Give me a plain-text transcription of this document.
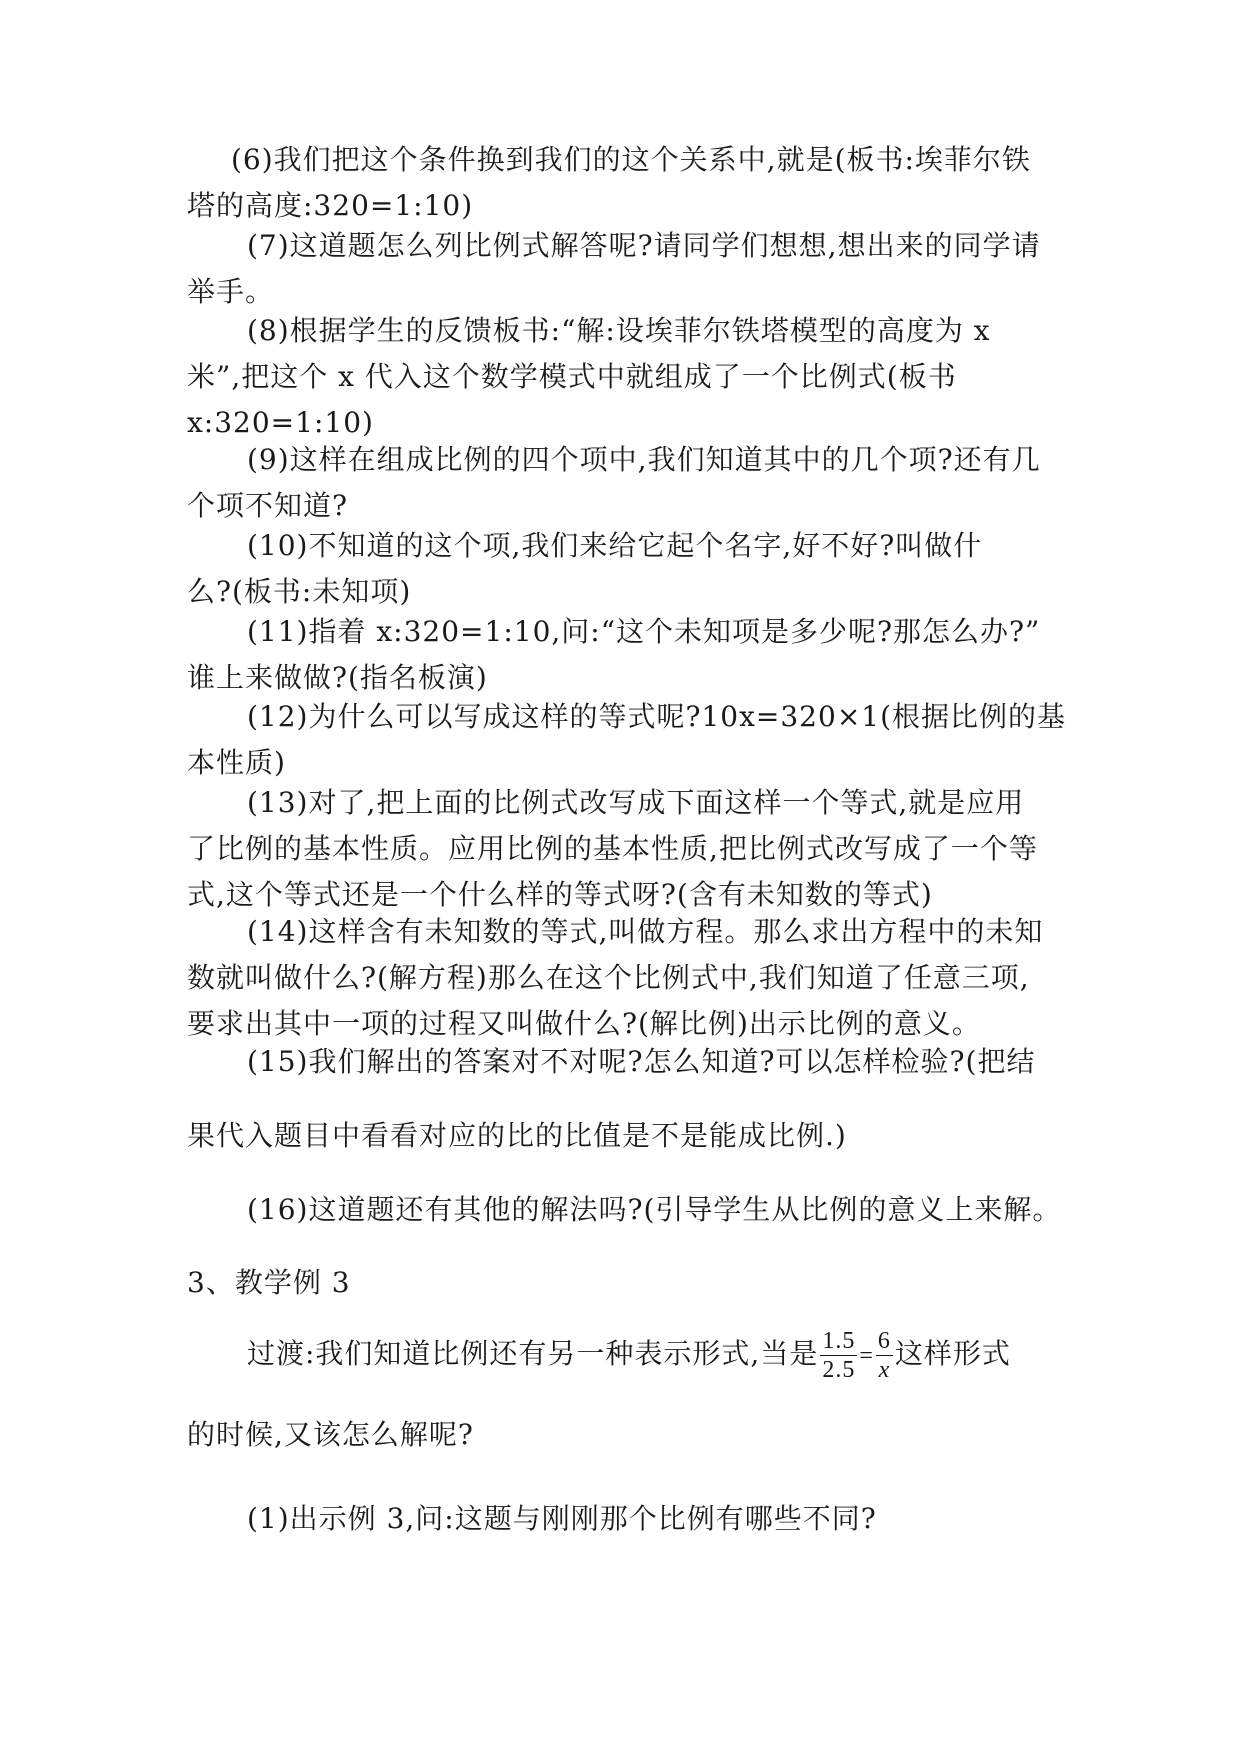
(6)我们把这个条件换到我们的这个关系中,就是(板书:埃菲尔铁
塔的高度:320=1:10)

(7)这道题怎么列比例式解答呢?请同学们想想,想出来的同学请
举手。

(8)根据学生的反馈板书:“解:设埃菲尔铁塔模型的高度为 x
米”,把这个 x 代入这个数学模式中就组成了一个比例式(板书
x:320=1:10)

(9)这样在组成比例的四个项中,我们知道其中的几个项?还有几
个项不知道?

(10)不知道的这个项,我们来给它起个名字,好不好?叫做什
么?(板书:未知项)

(11)指着 x:320=1:10,问:“这个未知项是多少呢?那怎么办?”
谁上来做做?(指名板演)

(12)为什么可以写成这样的等式呢?10x=320×1(根据比例的基
本性质)

(13)对了,把上面的比例式改写成下面这样一个等式,就是应用
了比例的基本性质。应用比例的基本性质,把比例式改写成了一个等
式,这个等式还是一个什么样的等式呀?(含有未知数的等式)

(14)这样含有未知数的等式,叫做方程。那么求出方程中的未知
数就叫做什么?(解方程)那么在这个比例式中,我们知道了任意三项,
要求出其中一项的过程又叫做什么?(解比例)出示比例的意义。

(15)我们解出的答案对不对呢?怎么知道?可以怎样检验?(把结

果代入题目中看看对应的比的比值是不是能成比例.)

(16)这道题还有其他的解法吗?(引导学生从比例的意义上来解。

3、教学例 3

过渡:我们知道比例还有另一种表示形式,当是 $\frac{1.5}{2.5} = \frac{6}{x}$ 这样形式

的时候,又该怎么解呢?

(1)出示例 3,问:这题与刚刚那个比例有哪些不同?
